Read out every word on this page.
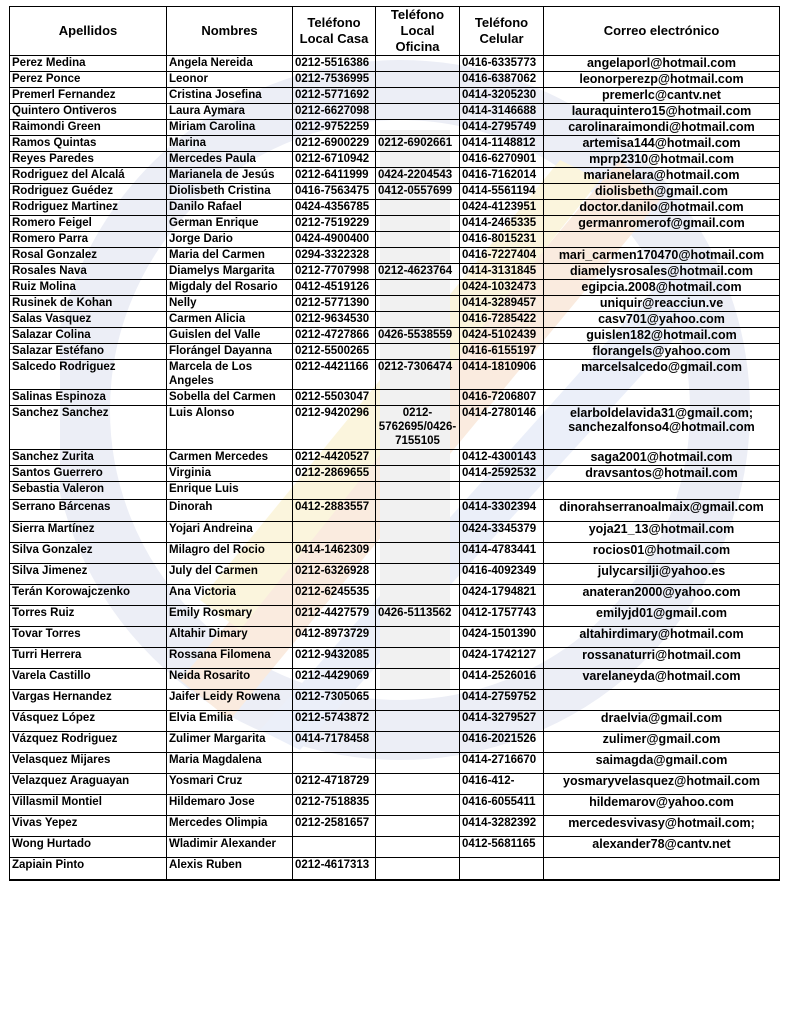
Apellidos	Nombres	Teléfono Local Casa	Teléfono Local Oficina	Teléfono Celular	Correo electrónico
Perez Medina	Angela Nereida	0212-5516386		0416-6335773	angelaporl@hotmail.com
Perez Ponce	Leonor	0212-7536995		0416-6387062	leonorperezp@hotmail.com
Premerl Fernandez	Cristina Josefina	0212-5771692		0414-3205230	premerlc@cantv.net
Quintero Ontiveros	Laura Aymara	0212-6627098		0414-3146688	lauraquintero15@hotmail.com
Raimondi Green	Miriam Carolina	0212-9752259		0414-2795749	carolinaraimondi@hotmail.com
Ramos Quintas	Marina	0212-6900229	0212-6902661	0414-1148812	artemisa144@hotmail.com
Reyes Paredes	Mercedes Paula	0212-6710942		0416-6270901	mprp2310@hotmail.com
Rodriguez del Alcalá	Marianela de Jesús	0212-6411999	0424-2204543	0416-7162014	marianelara@hotmail.com
Rodriguez Guédez	Diolisbeth Cristina	0416-7563475	0412-0557699	0414-5561194	diolisbeth@gmail.com
Rodriguez Martinez	Danilo Rafael	0424-4356785		0424-4123951	doctor.danilo@hotmail.com
Romero Feigel	German Enrique	0212-7519229		0414-2465335	germanromerof@gmail.com
Romero Parra	Jorge Dario	0424-4900400		0416-8015231	
Rosal Gonzalez	Maria del Carmen	0294-3322328		0416-7227404	mari_carmen170470@hotmail.com
Rosales Nava	Diamelys Margarita	0212-7707998	0212-4623764	0414-3131845	diamelysrosales@hotmail.com
Ruiz Molina	Migdaly del Rosario	0412-4519126		0424-1032473	egipcia.2008@hotmail.com
Rusinek de Kohan	Nelly	0212-5771390		0414-3289457	uniquir@reacciun.ve
Salas Vasquez	Carmen Alicia	0212-9634530		0416-7285422	casv701@yahoo.com
Salazar Colina	Guislen del Valle	0212-4727866	0426-5538559	0424-5102439	guislen182@hotmail.com
Salazar Estéfano	Florángel Dayanna	0212-5500265		0416-6155197	florangels@yahoo.com
Salcedo Rodriguez	Marcela de Los Angeles	0212-4421166	0212-7306474	0414-1810906	marcelsalcedo@gmail.com
Salinas Espinoza	Sobella del Carmen	0212-5503047		0416-7206807	
Sanchez Sanchez	Luis Alonso	0212-9420296	0212-5762695/0426-7155105	0414-2780146	elarboldelavida31@gmail.com; sanchezalfonso4@hotmail.com
Sanchez Zurita	Carmen Mercedes	0212-4420527		0412-4300143	saga2001@hotmail.com
Santos Guerrero	Virginia	0212-2869655		0414-2592532	dravsantos@hotmail.com
Sebastia Valeron	Enrique Luis				
Serrano Bárcenas	Dinorah	0412-2883557		0414-3302394	dinorahserranoalmaix@gmail.com
Sierra Martínez	Yojari Andreina			0424-3345379	yoja21_13@hotmail.com
Silva Gonzalez	Milagro del Rocio	0414-1462309		0414-4783441	rocios01@hotmail.com
Silva Jimenez	July del Carmen	0212-6326928		0416-4092349	julycarsilji@yahoo.es
Terán Korowajczenko	Ana Victoria	0212-6245535		0424-1794821	anateran2000@yahoo.com
Torres Ruiz	Emily Rosmary	0212-4427579	0426-5113562	0412-1757743	emilyjd01@gmail.com
Tovar Torres	Altahir Dimary	0412-8973729		0424-1501390	altahirdimary@hotmail.com
Turri Herrera	Rossana Filomena	0212-9432085		0424-1742127	rossanaturri@hotmail.com
Varela Castillo	Neida Rosarito	0212-4429069		0414-2526016	varelaneyda@hotmail.com
Vargas Hernandez	Jaifer Leidy Rowena	0212-7305065		0414-2759752	
Vásquez López	Elvia Emilia	0212-5743872		0414-3279527	draelvia@gmail.com
Vázquez Rodriguez	Zulimer Margarita	0414-7178458		0416-2021526	zulimer@gmail.com
Velasquez Mijares	Maria Magdalena			0414-2716670	saimagda@gmail.com
Velazquez Araguayan	Yosmari Cruz	0212-4718729		0416-412-	yosmaryvelasquez@hotmail.com
Villasmil Montiel	Hildemaro Jose	0212-7518835		0416-6055411	hildemarov@yahoo.com
Vivas Yepez	Mercedes Olimpia	0212-2581657		0414-3282392	mercedesvivasy@hotmail.com;
Wong Hurtado	Wladimir Alexander			0412-5681165	alexander78@cantv.net
Zapiain Pinto	Alexis Ruben	0212-4617313			
